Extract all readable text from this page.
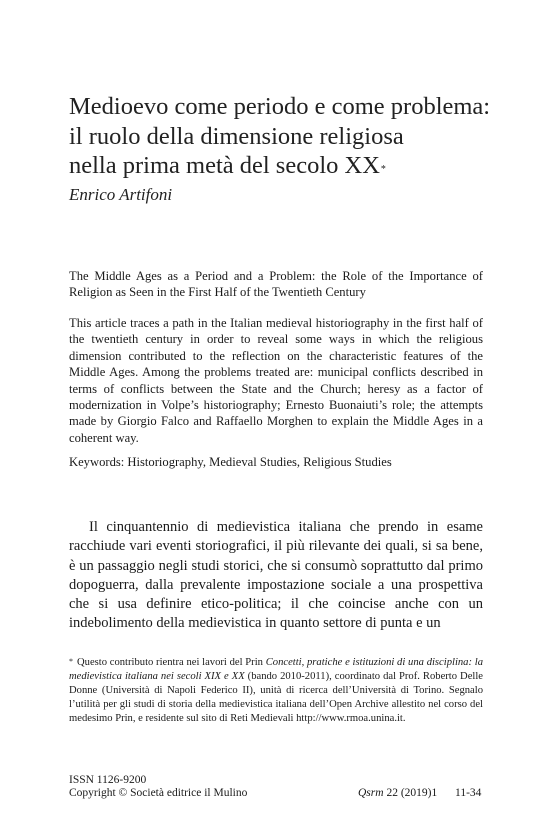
Medioevo come periodo e come problema:
il ruolo della dimensione religiosa
nella prima metà del secolo XX*
Enrico Artifoni
The Middle Ages as a Period and a Problem: the Role of the Importance of Religion as Seen in the First Half of the Twentieth Century
This article traces a path in the Italian medieval historiography in the first half of the twentieth century in order to reveal some ways in which the religious dimension contributed to the reflection on the characteristic features of the Middle Ages. Among the problems treated are: municipal conflicts described in terms of conflicts between the State and the Church; heresy as a factor of modernization in Volpe’s historiography; Ernesto Buonaiuti’s role; the attempts made by Giorgio Falco and Raffaello Morghen to explain the Middle Ages in a coherent way.
Keywords: Historiography, Medieval Studies, Religious Studies
Il cinquantennio di medievistica italiana che prendo in esame racchiude vari eventi storiografici, il più rilevante dei quali, si sa bene, è un passaggio negli studi storici, che si consumò soprattutto dal primo dopoguerra, dalla prevalente impostazione sociale a una prospettiva che si usa definire etico-politica; il che coincise anche con un indebolimento della medievistica in quanto settore di punta e un
* Questo contributo rientra nei lavori del Prin Concetti, pratiche e istituzioni di una disciplina: la medievistica italiana nei secoli XIX e XX (bando 2010-2011), coordinato dal Prof. Roberto Delle Donne (Università di Napoli Federico II), unità di ricerca dell’Università di Torino. Segnalo l’utilità per gli studi di storia della medievistica italiana dell’Open Archive allestito nel corso del medesimo Prin, e residente sul sito di Reti Medievali http://www.rmoa.unina.it.
ISSN 1126-9200
Copyright © Società editrice il Mulino	Qsrm 22 (2019)1 11-34
